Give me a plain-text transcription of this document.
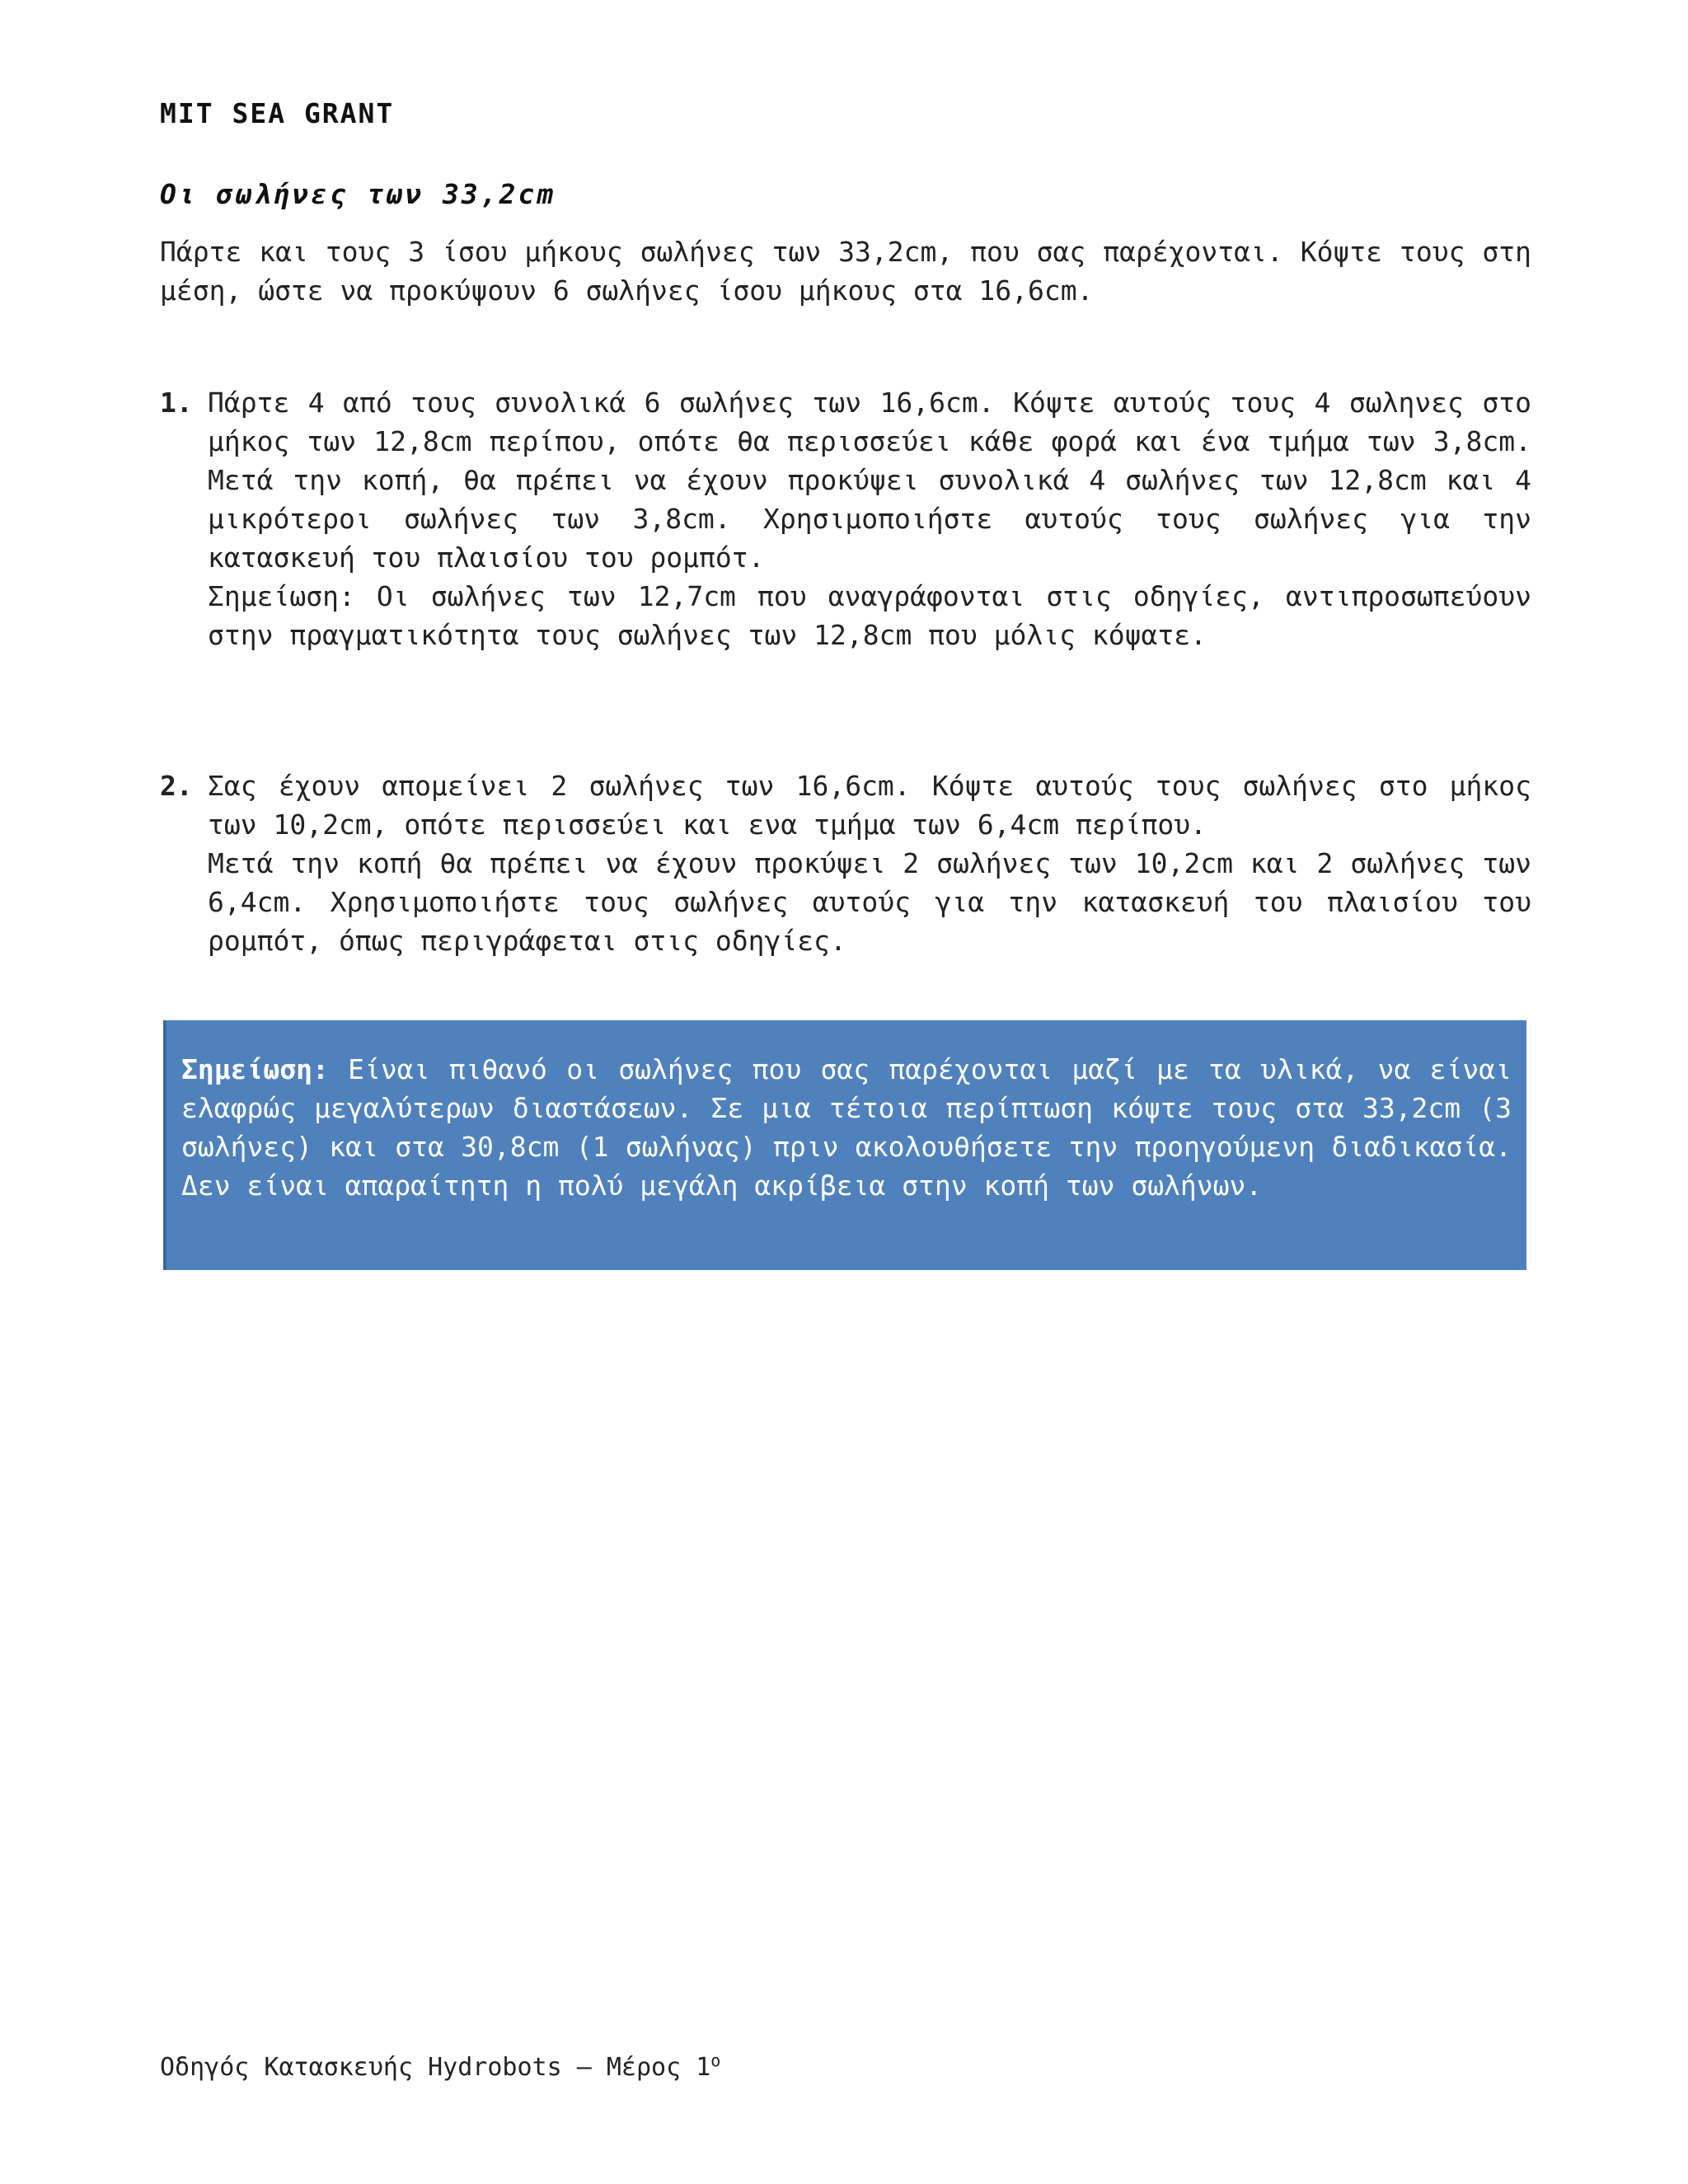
MIT SEA GRANT
Οι σωλήνες των 33,2cm
Πάρτε και τους 3 ίσου μήκους σωλήνες των 33,2cm, που σας παρέχονται. Κόψτε τους στη μέση, ώστε να προκύψουν 6 σωλήνες ίσου μήκους στα 16,6cm.
1. Πάρτε 4 από τους συνολικά 6 σωλήνες των 16,6cm. Κόψτε αυτούς τους 4 σωληνες στο μήκος των 12,8cm περίπου, οπότε θα περισσεύει κάθε φορά και ένα τμήμα των 3,8cm. Μετά την κοπή, θα πρέπει να έχουν προκύψει συνολικά 4 σωλήνες των 12,8cm και 4 μικρότεροι σωλήνες των 3,8cm. Χρησιμοποιήστε αυτούς τους σωλήνες για την κατασκευή του πλαισίου του ρομπότ.

Σημείωση: Οι σωλήνες των 12,7cm που αναγράφονται στις οδηγίες, αντιπροσωπεύουν στην πραγματικότητα τους σωλήνες των 12,8cm που μόλις κόψατε.

2. Σας έχουν απομείνει 2 σωλήνες των 16,6cm. Κόψτε αυτούς τους σωλήνες στο μήκος των 10,2cm, οπότε περισσεύει και ενα τμήμα των 6,4cm περίπου.

Μετά την κοπή θα πρέπει να έχουν προκύψει 2 σωλήνες των 10,2cm και 2 σωλήνες των 6,4cm. Χρησιμοποιήστε τους σωλήνες αυτούς για την κατασκευή του πλαισίου του ρομπότ, όπως περιγράφεται στις οδηγίες.

Σημείωση: Είναι πιθανό οι σωλήνες που σας παρέχονται μαζί με τα υλικά, να είναι ελαφρώς μεγαλύτερων διαστάσεων. Σε μια τέτοια περίπτωση κόψτε τους στα 33,2cm (3 σωλήνες) και στα 30,8cm (1 σωλήνας) πριν ακολουθήσετε την προηγούμενη διαδικασία. Δεν είναι απαραίτητη η πολύ μεγάλη ακρίβεια στην κοπή των σωλήνων.
Οδηγός Κατασκευής Hydrobots – Μέρος $1^o$
